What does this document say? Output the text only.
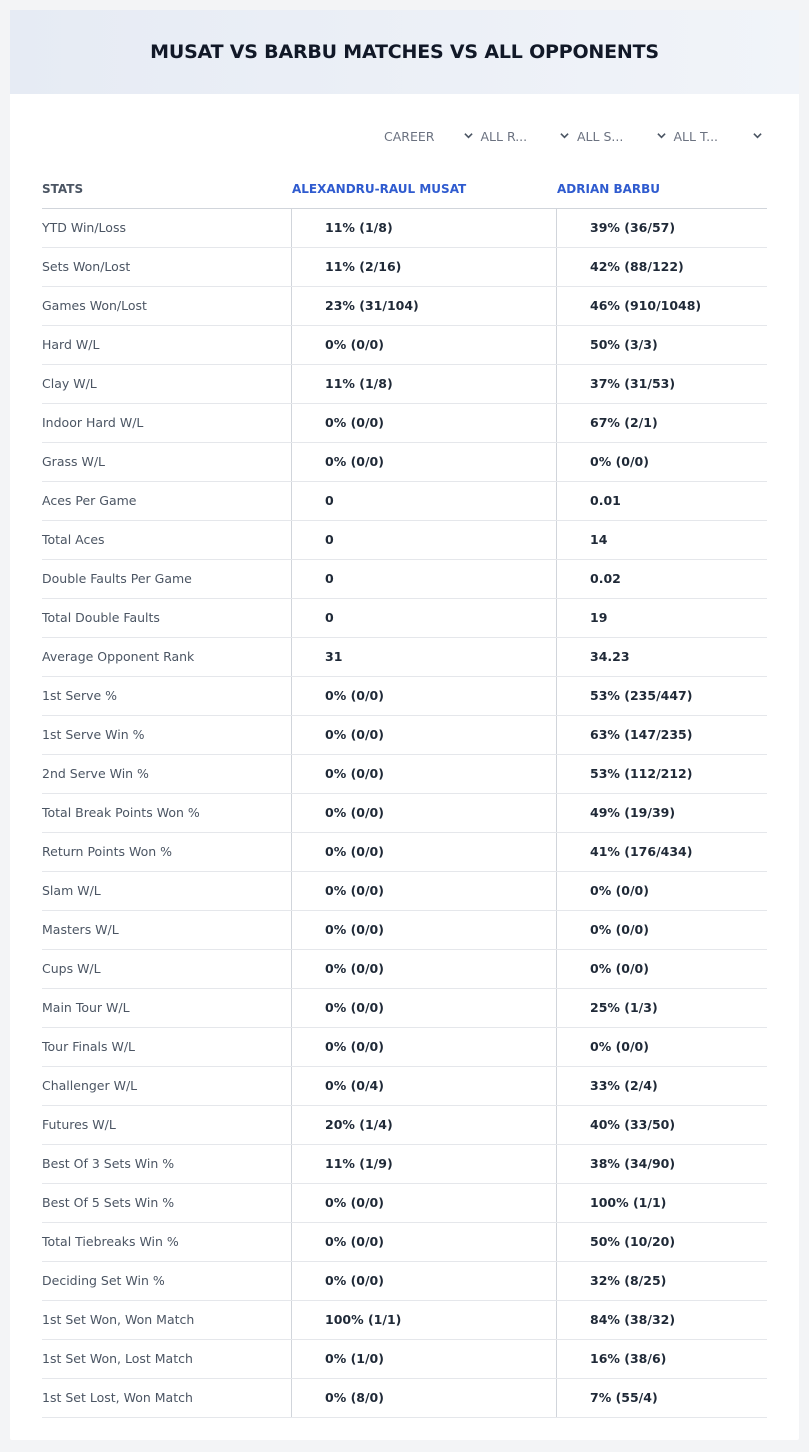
MUSAT VS BARBU MATCHES VS ALL OPPONENTS
CAREER	ALL R...	ALL S...	ALL T...
STATS	ALEXANDRU-RAUL MUSAT	ADRIAN BARBU
YTD Win/Loss	11% (1/8)	39% (36/57)
Sets Won/Lost	11% (2/16)	42% (88/122)
Games Won/Lost	23% (31/104)	46% (910/1048)
Hard W/L	0% (0/0)	50% (3/3)
Clay W/L	11% (1/8)	37% (31/53)
Indoor Hard W/L	0% (0/0)	67% (2/1)
Grass W/L	0% (0/0)	0% (0/0)
Aces Per Game	0	0.01
Total Aces	0	14
Double Faults Per Game	0	0.02
Total Double Faults	0	19
Average Opponent Rank	31	34.23
1st Serve %	0% (0/0)	53% (235/447)
1st Serve Win %	0% (0/0)	63% (147/235)
2nd Serve Win %	0% (0/0)	53% (112/212)
Total Break Points Won %	0% (0/0)	49% (19/39)
Return Points Won %	0% (0/0)	41% (176/434)
Slam W/L	0% (0/0)	0% (0/0)
Masters W/L	0% (0/0)	0% (0/0)
Cups W/L	0% (0/0)	0% (0/0)
Main Tour W/L	0% (0/0)	25% (1/3)
Tour Finals W/L	0% (0/0)	0% (0/0)
Challenger W/L	0% (0/4)	33% (2/4)
Futures W/L	20% (1/4)	40% (33/50)
Best Of 3 Sets Win %	11% (1/9)	38% (34/90)
Best Of 5 Sets Win %	0% (0/0)	100% (1/1)
Total Tiebreaks Win %	0% (0/0)	50% (10/20)
Deciding Set Win %	0% (0/0)	32% (8/25)
1st Set Won, Won Match	100% (1/1)	84% (38/32)
1st Set Won, Lost Match	0% (1/0)	16% (38/6)
1st Set Lost, Won Match	0% (8/0)	7% (55/4)
